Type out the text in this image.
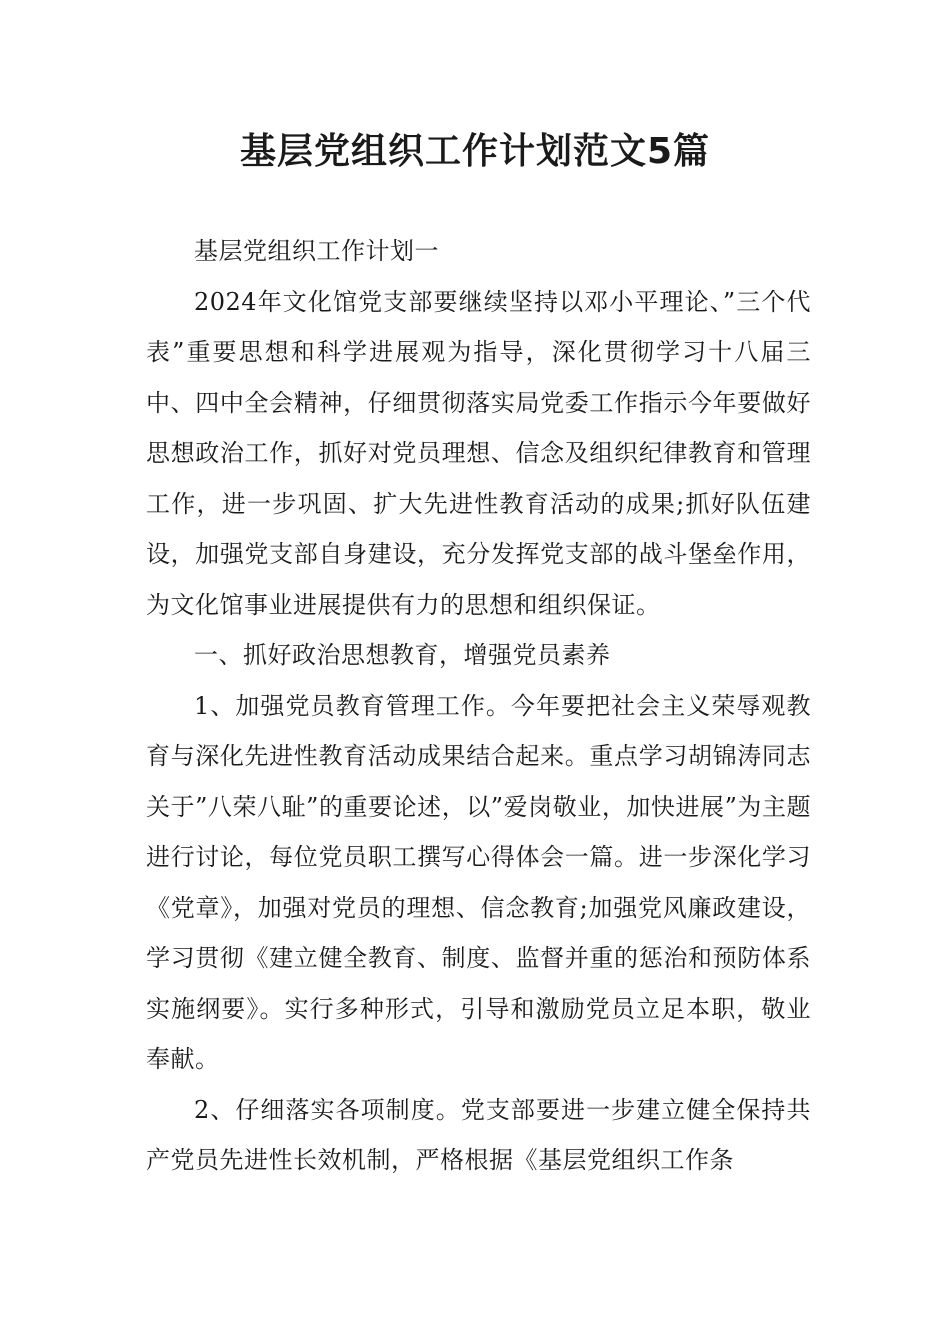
基层党组织工作计划范文5篇

基层党组织工作计划一

2024年文化馆党支部要继续坚持以邓小平理论、”三个代表”重要思想和科学进展观为指导，深化贯彻学习十八届三中、四中全会精神，仔细贯彻落实局党委工作指示今年要做好思想政治工作，抓好对党员理想、信念及组织纪律教育和管理工作，进一步巩固、扩大先进性教育活动的成果;抓好队伍建设，加强党支部自身建设，充分发挥党支部的战斗堡垒作用，为文化馆事业进展提供有力的思想和组织保证。

一、抓好政治思想教育，增强党员素养

1、加强党员教育管理工作。今年要把社会主义荣辱观教育与深化先进性教育活动成果结合起来。重点学习胡锦涛同志关于”八荣八耻”的重要论述，以”爱岗敬业，加快进展”为主题进行讨论，每位党员职工撰写心得体会一篇。进一步深化学习《党章》，加强对党员的理想、信念教育;加强党风廉政建设，学习贯彻《建立健全教育、制度、监督并重的惩治和预防体系实施纲要》。实行多种形式，引导和激励党员立足本职，敬业奉献。

2、仔细落实各项制度。党支部要进一步建立健全保持共产党员先进性长效机制，严格根据《基层党组织工作条
